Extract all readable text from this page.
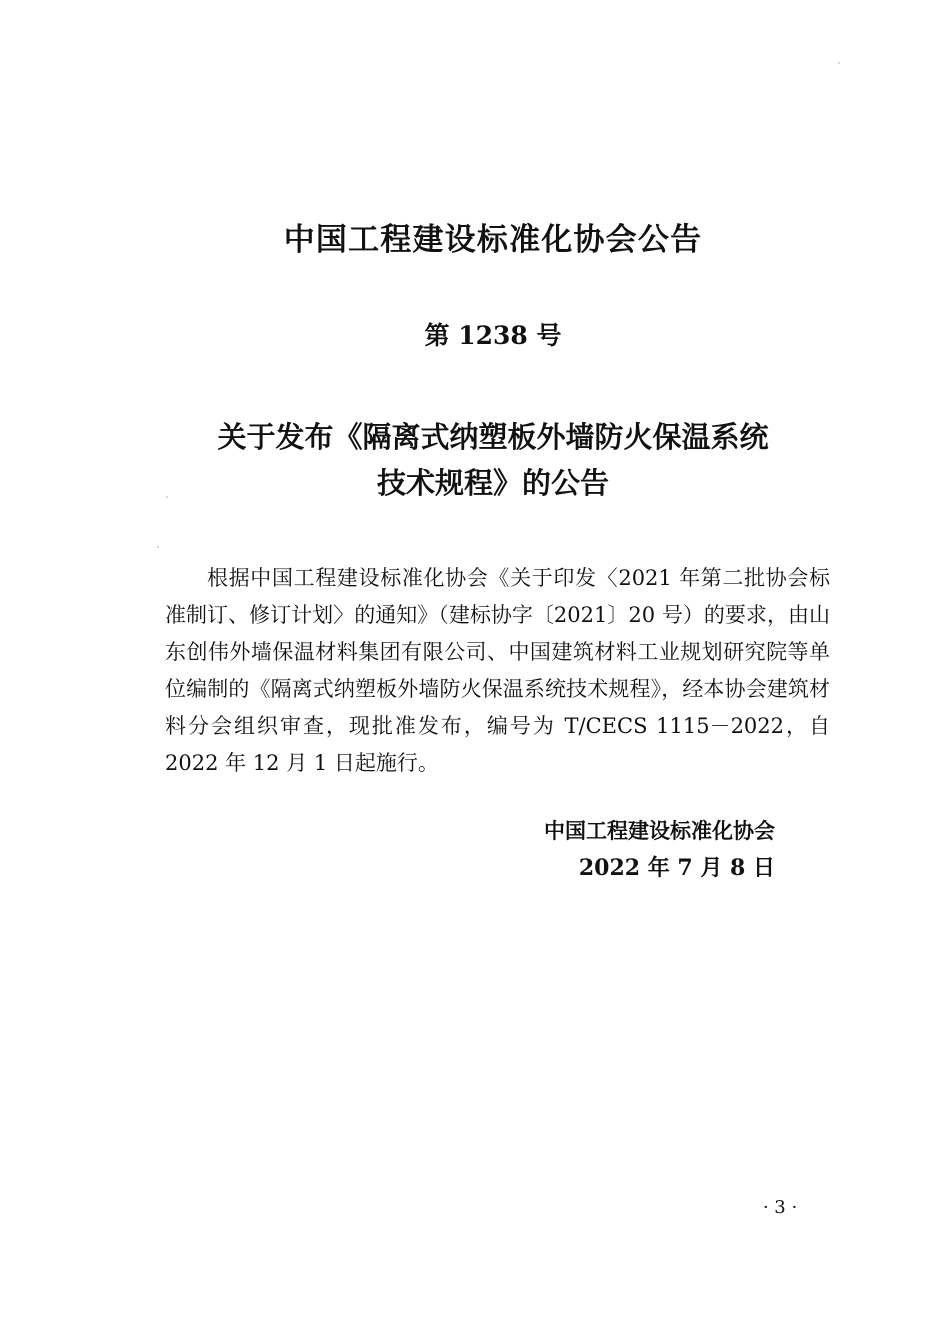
中国工程建设标准化协会公告

第 1238 号

关于发布《隔离式纳塑板外墙防火保温系统
技术规程》的公告

根据中国工程建设标准化协会《关于印发〈2021 年第二批协会标准制订、修订计划〉的通知》（建标协字〔2021〕20 号）的要求，由山东创伟外墙保温材料集团有限公司、中国建筑材料工业规划研究院等单位编制的《隔离式纳塑板外墙防火保温系统技术规程》，经本协会建筑材料分会组织审查，现批准发布，编号为 T/CECS 1115－2022，自 2022 年 12 月 1 日起施行。

中国工程建设标准化协会

2022 年 7 月 8 日

· 3 ·
